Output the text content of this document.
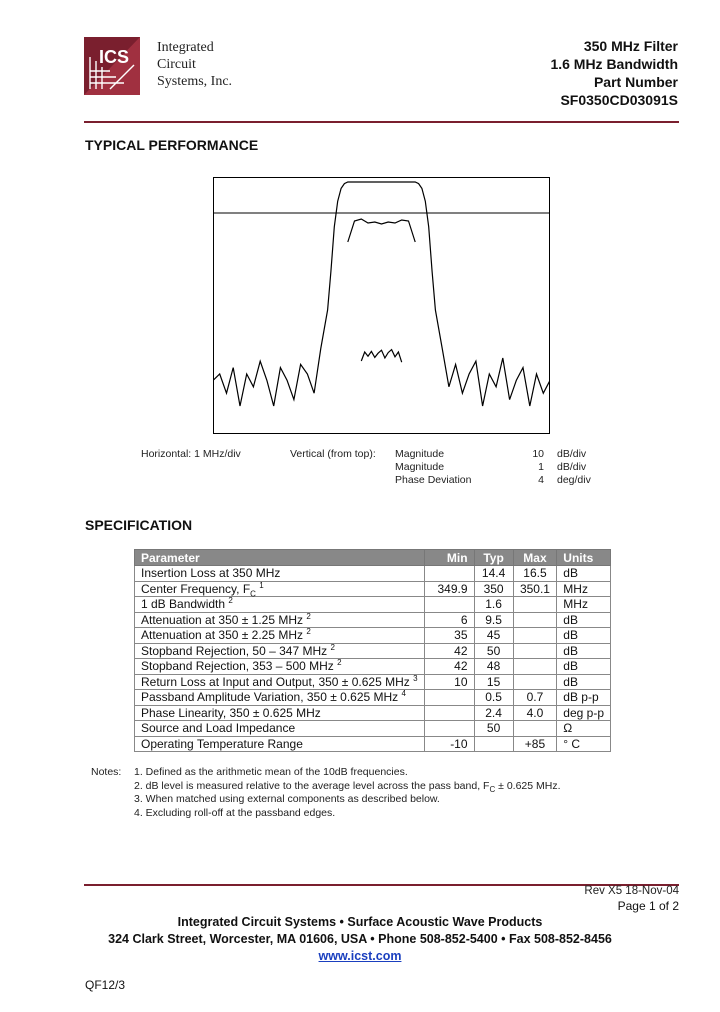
ICS Integrated
Circuit
Systems, Inc.
350 MHz Filter
1.6 MHz Bandwidth
Part Number
SF0350CD03091S
TYPICAL PERFORMANCE
Horizontal: 1 MHz/div	Vertical (from top): Magnitude	10 dB/div
Magnitude	1 dB/div
Phase Deviation	4 deg/div
SPECIFICATION
Parameter	Min	Typ	Max	Units
Insertion Loss at 350 MHz		14.4	16.5	dB
Center Frequency, $F_C$ $^1$	349.9	350	350.1	MHz
1 dB Bandwidth $^2$		1.6		MHz
Attenuation at 350 ± 1.25 MHz $^2$	6	9.5		dB
Attenuation at 350 ± 2.25 MHz $^2$	35	45		dB
Stopband Rejection, 50 – 347 MHz $^2$	42	50		dB
Stopband Rejection, 353 – 500 MHz $^2$	42	48		dB
Return Loss at Input and Output, 350 ± 0.625 MHz $^3$	10	15		dB
Passband Amplitude Variation, 350 ± 0.625 MHz $^4$		0.5	0.7	dB p-p
Phase Linearity, 350 ± 0.625 MHz		2.4	4.0	deg p-p
Source and Load Impedance		50		Ω
Operating Temperature Range	-10		+85	° C
Notes: 1. Defined as the arithmetic mean of the 10dB frequencies.
2. dB level is measured relative to the average level across the pass band, $F_C \pm 0.625$ MHz.
3. When matched using external components as described below.
4. Excluding roll-off at the passband edges.
Rev X5 18-Nov-04
Page 1 of 2
Integrated Circuit Systems • Surface Acoustic Wave Products
324 Clark Street, Worcester, MA 01606, USA • Phone 508-852-5400 • Fax 508-852-8456
www.icst.com
QF12/3
